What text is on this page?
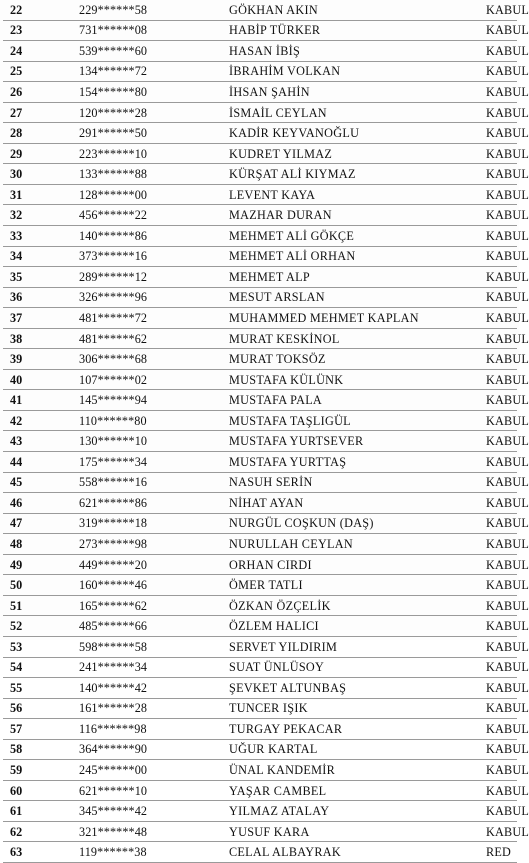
22	229******58	GÖKHAN AKIN	KABUL
23	731******08	HABİP TÜRKER	KABUL
24	539******60	HASAN İBİŞ	KABUL
25	134******72	İBRAHİM VOLKAN	KABUL
26	154******80	İHSAN ŞAHİN	KABUL
27	120******28	İSMAİL CEYLAN	KABUL
28	291******50	KADİR KEYVANOĞLU	KABUL
29	223******10	KUDRET YILMAZ	KABUL
30	133******88	KÜRŞAT ALİ KIYMAZ	KABUL
31	128******00	LEVENT KAYA	KABUL
32	456******22	MAZHAR DURAN	KABUL
33	140******86	MEHMET ALİ GÖKÇE	KABUL
34	373******16	MEHMET ALİ ORHAN	KABUL
35	289******12	MEHMET ALP	KABUL
36	326******96	MESUT ARSLAN	KABUL
37	481******72	MUHAMMED MEHMET KAPLAN	KABUL
38	481******62	MURAT KESKİNOL	KABUL
39	306******68	MURAT TOKSÖZ	KABUL
40	107******02	MUSTAFA KÜLÜNK	KABUL
41	145******94	MUSTAFA PALA	KABUL
42	110******80	MUSTAFA TAŞLIGÜL	KABUL
43	130******10	MUSTAFA YURTSEVER	KABUL
44	175******34	MUSTAFA YURTTAŞ	KABUL
45	558******16	NASUH SERİN	KABUL
46	621******86	NİHAT AYAN	KABUL
47	319******18	NURGÜL COŞKUN (DAŞ)	KABUL
48	273******98	NURULLAH CEYLAN	KABUL
49	449******20	ORHAN CIRDI	KABUL
50	160******46	ÖMER TATLI	KABUL
51	165******62	ÖZKAN ÖZÇELİK	KABUL
52	485******66	ÖZLEM HALICI	KABUL
53	598******58	SERVET YILDIRIM	KABUL
54	241******34	SUAT ÜNLÜSOY	KABUL
55	140******42	ŞEVKET ALTUNBAŞ	KABUL
56	161******28	TUNCER IŞIK	KABUL
57	116******98	TURGAY PEKACAR	KABUL
58	364******90	UĞUR KARTAL	KABUL
59	245******00	ÜNAL KANDEMİR	KABUL
60	621******10	YAŞAR CAMBEL	KABUL
61	345******42	YILMAZ ATALAY	KABUL
62	321******48	YUSUF KARA	KABUL
63	119******38	CELAL ALBAYRAK	RED
